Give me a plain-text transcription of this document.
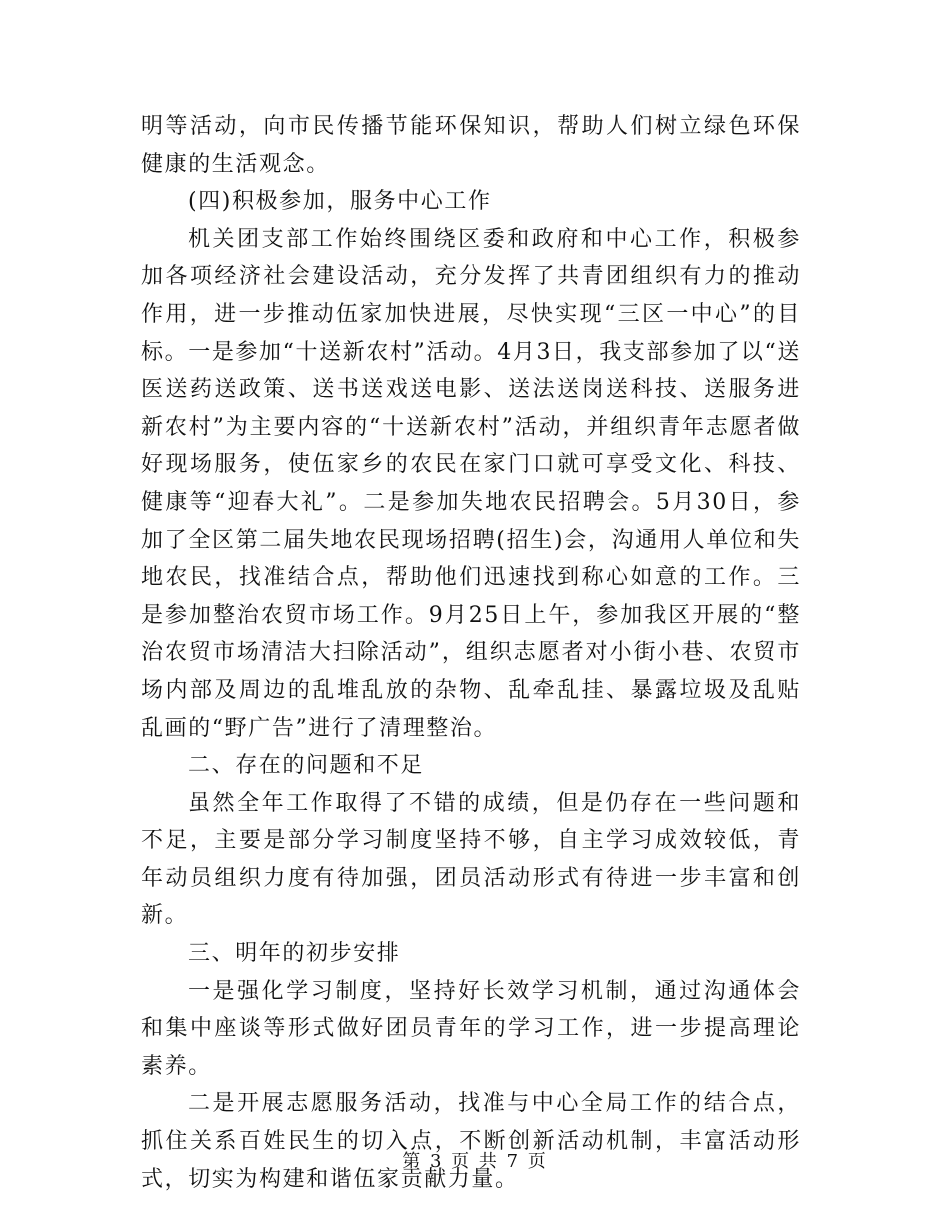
明等活动，向市民传播节能环保知识，帮助人们树立绿色环保健康的生活观念。

(四)积极参加，服务中心工作

机关团支部工作始终围绕区委和政府和中心工作，积极参加各项经济社会建设活动，充分发挥了共青团组织有力的推动作用，进一步推动伍家加快进展，尽快实现“三区一中心”的目标。一是参加“十送新农村”活动。4月3日，我支部参加了以“送医送药送政策、送书送戏送电影、送法送岗送科技、送服务进新农村”为主要内容的“十送新农村”活动，并组织青年志愿者做好现场服务，使伍家乡的农民在家门口就可享受文化、科技、健康等“迎春大礼”。二是参加失地农民招聘会。5月30日，参加了全区第二届失地农民现场招聘(招生)会，沟通用人单位和失地农民，找准结合点，帮助他们迅速找到称心如意的工作。三是参加整治农贸市场工作。9月25日上午，参加我区开展的“整治农贸市场清洁大扫除活动”，组织志愿者对小街小巷、农贸市场内部及周边的乱堆乱放的杂物、乱牵乱挂、暴露垃圾及乱贴乱画的“野广告”进行了清理整治。

二、存在的问题和不足

虽然全年工作取得了不错的成绩，但是仍存在一些问题和不足，主要是部分学习制度坚持不够，自主学习成效较低，青年动员组织力度有待加强，团员活动形式有待进一步丰富和创新。

三、明年的初步安排

一是强化学习制度，坚持好长效学习机制，通过沟通体会和集中座谈等形式做好团员青年的学习工作，进一步提高理论素养。

二是开展志愿服务活动，找准与中心全局工作的结合点，抓住关系百姓民生的切入点，不断创新活动机制，丰富活动形式，切实为构建和谐伍家贡献力量。

第 3 页 共 7 页
